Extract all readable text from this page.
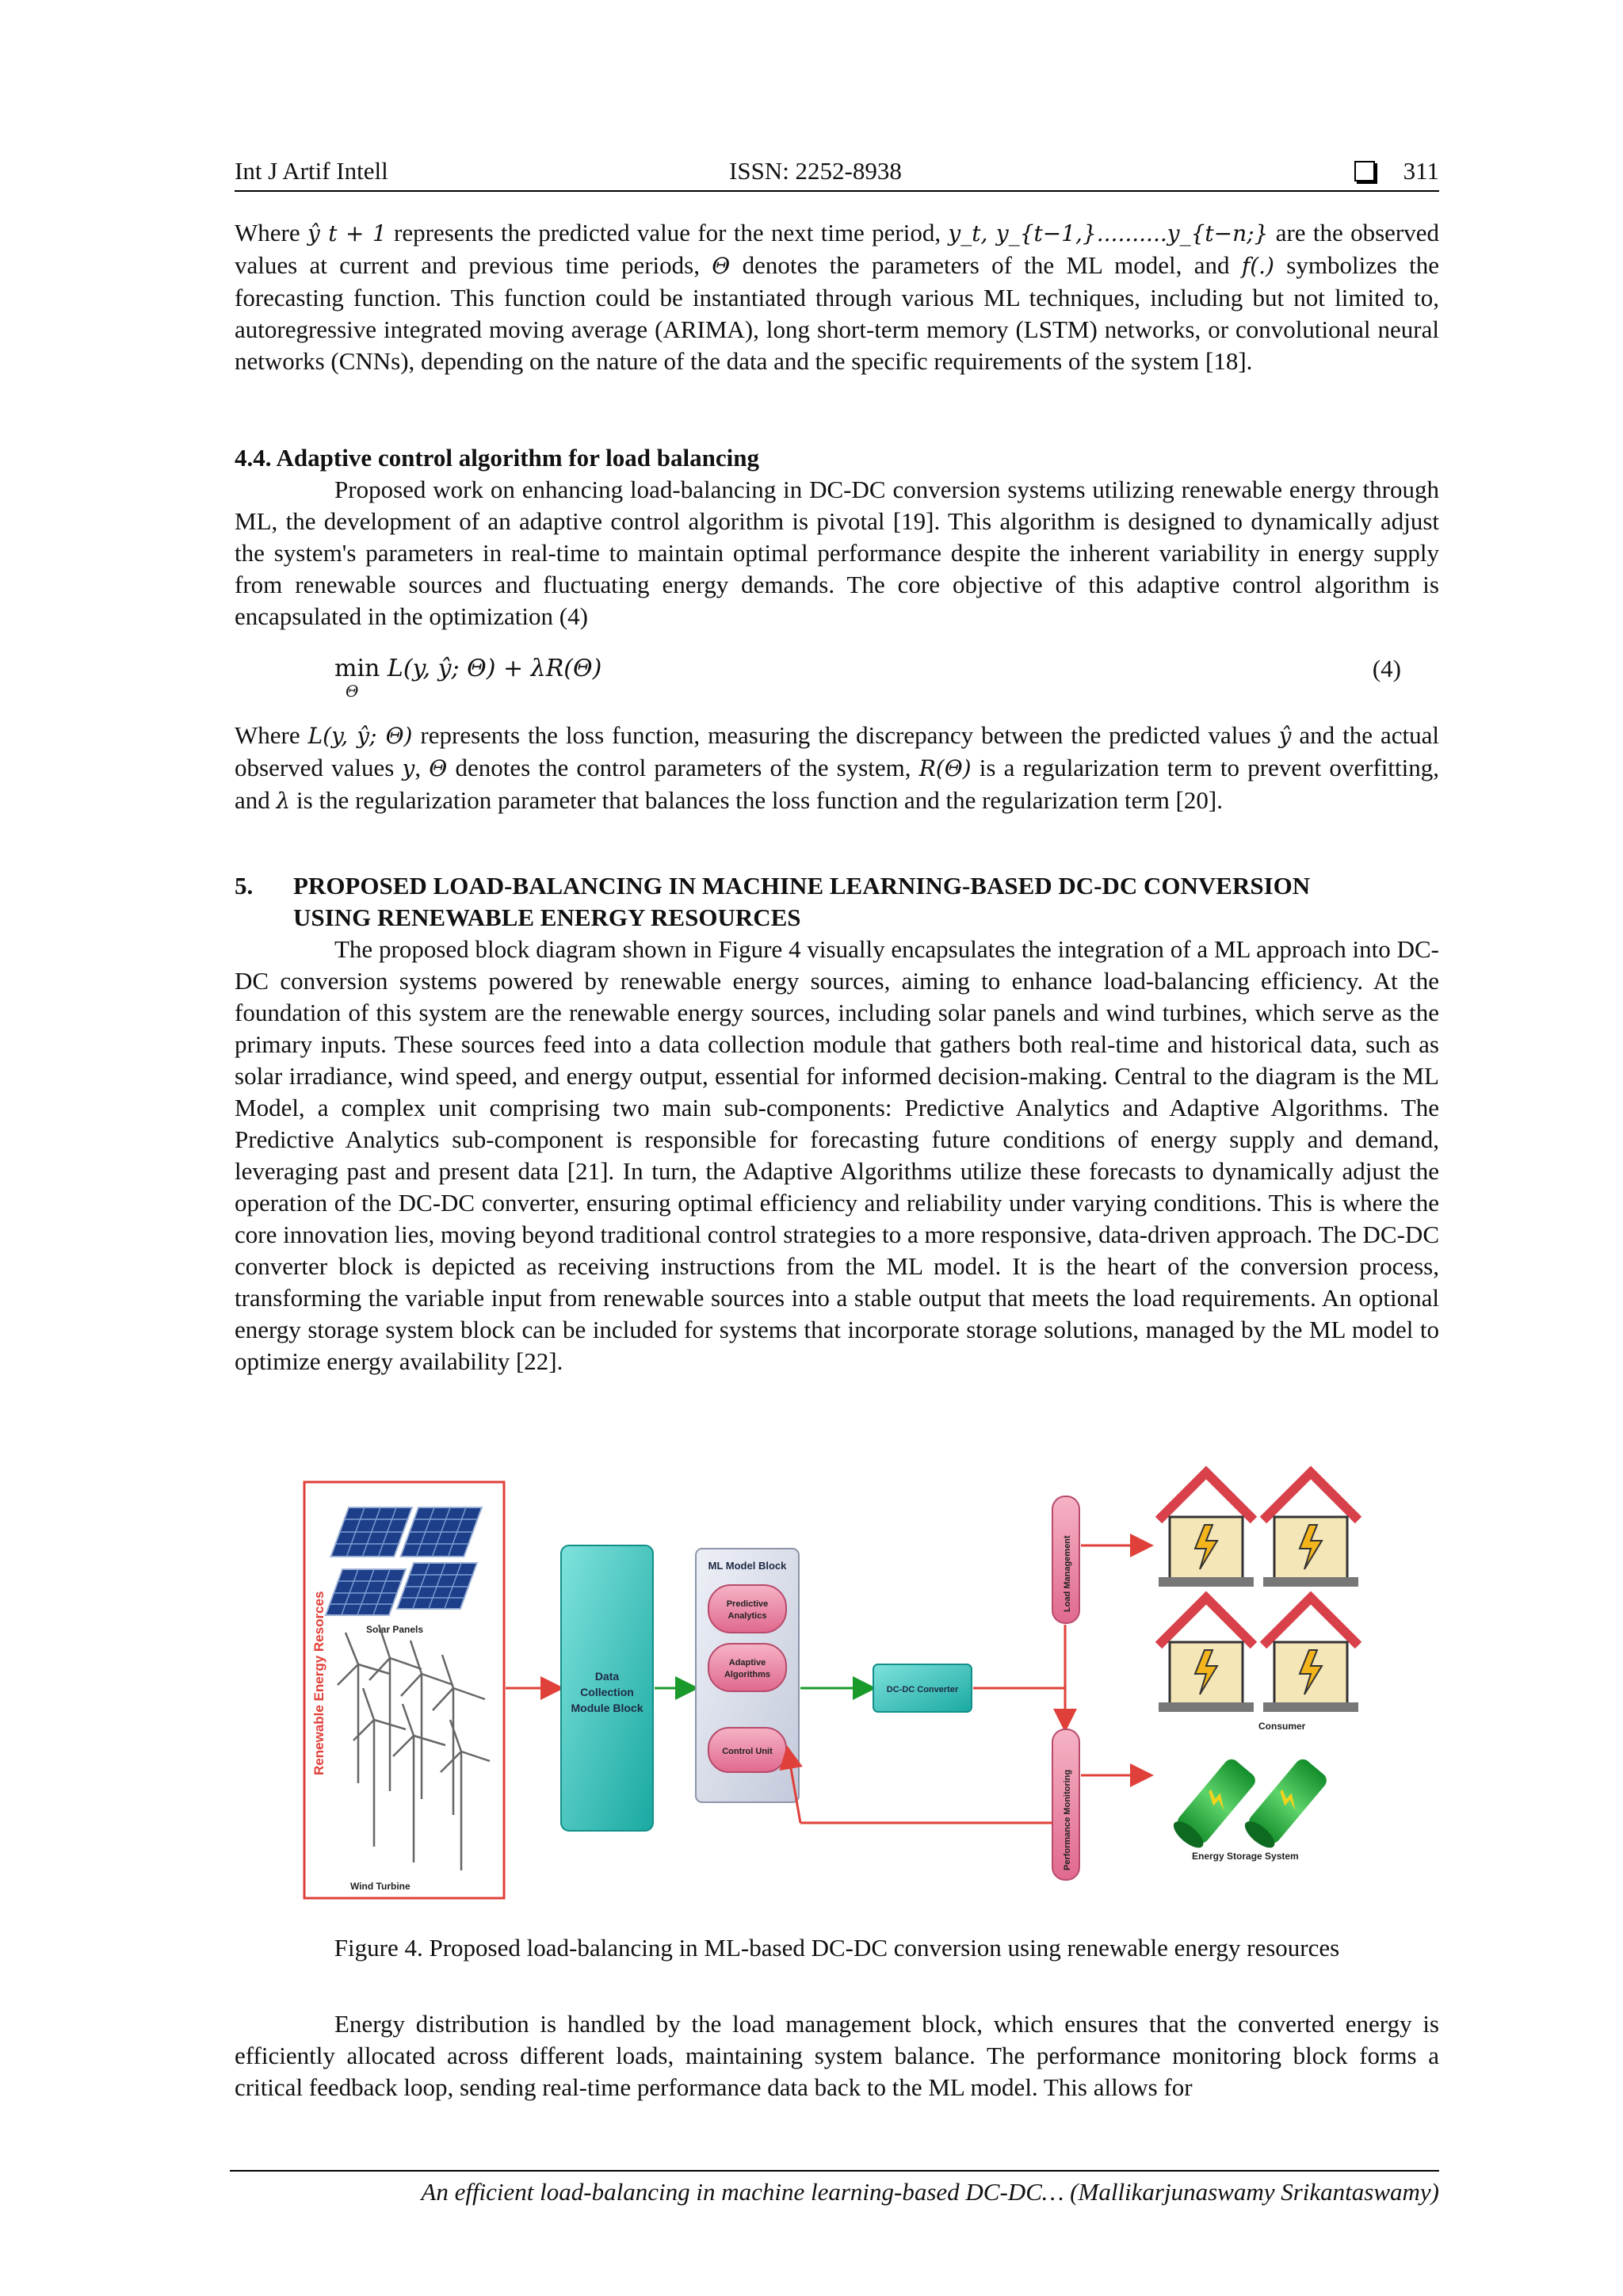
Int J Artif Intell	ISSN: 2252-8938	311
Where ŷ t + 1 represents the predicted value for the next time period, y_t, y_{t−1,}..........y_{t−n;} are the observed values at current and previous time periods, Θ denotes the parameters of the ML model, and f(.) symbolizes the forecasting function. This function could be instantiated through various ML techniques, including but not limited to, autoregressive integrated moving average (ARIMA), long short-term memory (LSTM) networks, or convolutional neural networks (CNNs), depending on the nature of the data and the specific requirements of the system [18].
4.4. Adaptive control algorithm for load balancing
Proposed work on enhancing load-balancing in DC-DC conversion systems utilizing renewable energy through ML, the development of an adaptive control algorithm is pivotal [19]. This algorithm is designed to dynamically adjust the system's parameters in real-time to maintain optimal performance despite the inherent variability in energy supply from renewable sources and fluctuating energy demands. The core objective of this adaptive control algorithm is encapsulated in the optimization (4)
min
Θ
L(y, ŷ; Θ) + λR(Θ)	(4)
Where L(y, ŷ; Θ) represents the loss function, measuring the discrepancy between the predicted values ŷ and the actual observed values y, Θ denotes the control parameters of the system, R(Θ) is a regularization term to prevent overfitting, and λ is the regularization parameter that balances the loss function and the regularization term [20].
5. PROPOSED LOAD-BALANCING IN MACHINE LEARNING-BASED DC-DC CONVERSION
USING RENEWABLE ENERGY RESOURCES
The proposed block diagram shown in Figure 4 visually encapsulates the integration of a ML approach into DC-DC conversion systems powered by renewable energy sources, aiming to enhance load-balancing efficiency. At the foundation of this system are the renewable energy sources, including solar panels and wind turbines, which serve as the primary inputs. These sources feed into a data collection module that gathers both real-time and historical data, such as solar irradiance, wind speed, and energy output, essential for informed decision-making. Central to the diagram is the ML Model, a complex unit comprising two main sub-components: Predictive Analytics and Adaptive Algorithms. The Predictive Analytics sub-component is responsible for forecasting future conditions of energy supply and demand, leveraging past and present data [21]. In turn, the Adaptive Algorithms utilize these forecasts to dynamically adjust the operation of the DC-DC converter, ensuring optimal efficiency and reliability under varying conditions. This is where the core innovation lies, moving beyond traditional control strategies to a more responsive, data-driven approach. The DC-DC converter block is depicted as receiving instructions from the ML model. It is the heart of the conversion process, transforming the variable input from renewable sources into a stable output that meets the load requirements. An optional energy storage system block can be included for systems that incorporate storage solutions, managed by the ML model to optimize energy availability [22].
Renewable Energy Resorces	Solar Panels
Wind Turbine
Data
Collection
Module Block
ML Model Block
Predictive
Analytics
Adaptive
Algorithms
Control Unit
DC-DC Converter
Load Management
Performance Monitoring
Consumer
Energy Storage System
Figure 4. Proposed load-balancing in ML-based DC-DC conversion using renewable energy resources
Energy distribution is handled by the load management block, which ensures that the converted energy is efficiently allocated across different loads, maintaining system balance. The performance monitoring block forms a critical feedback loop, sending real-time performance data back to the ML model. This allows for
An efficient load-balancing in machine learning-based DC-DC… (Mallikarjunaswamy Srikantaswamy)
